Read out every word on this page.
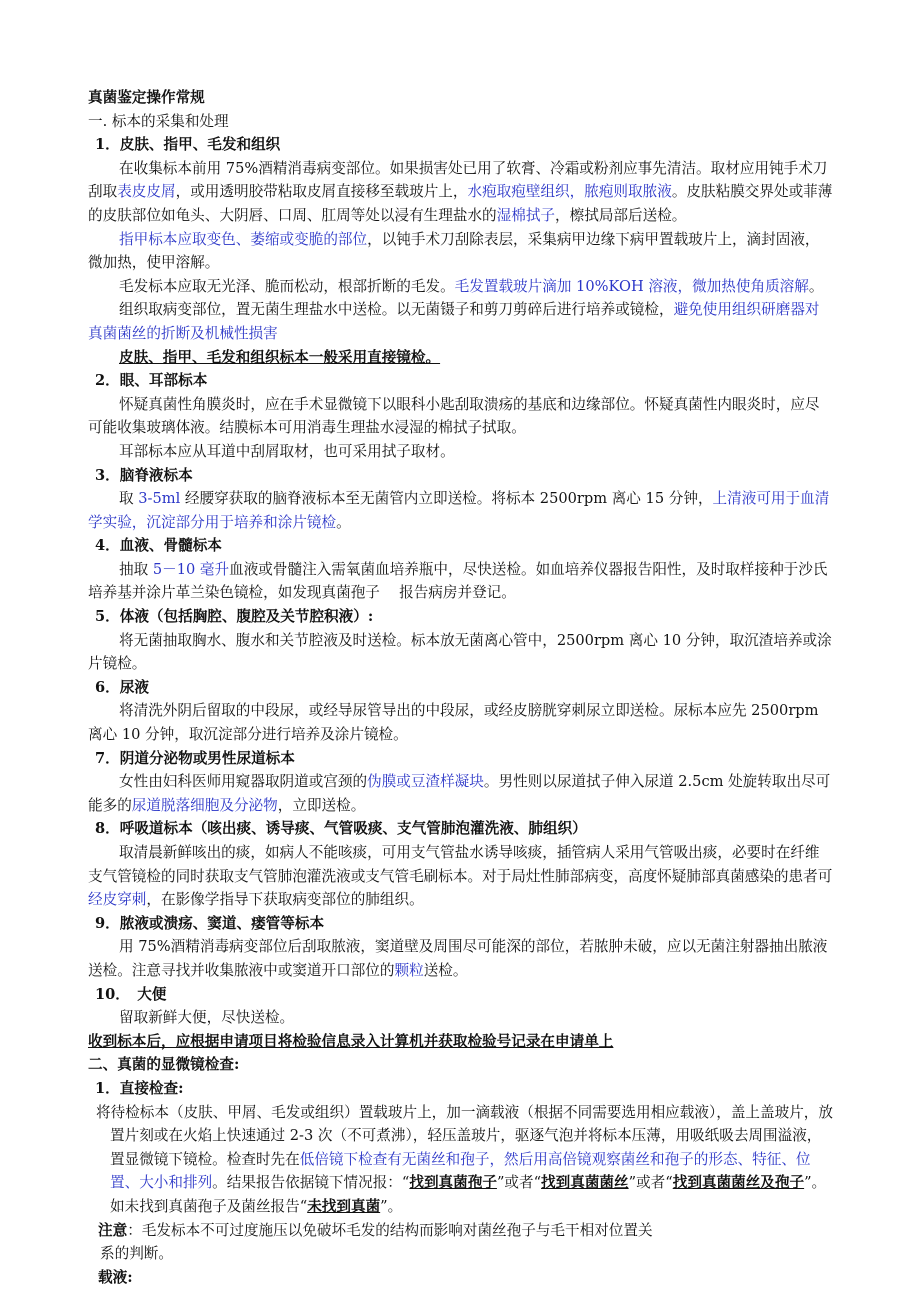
真菌鉴定操作常规

一. 标本的采集和处理

1．皮肤、指甲、毛发和组织

在收集标本前用 75%酒精消毒病变部位。如果损害处已用了软膏、冷霜或粉剂应事先清洁。取材应用钝手术刀刮取表皮皮屑，或用透明胶带粘取皮屑直接移至载玻片上，水疱取疱壁组织，脓疱则取脓液。皮肤粘膜交界处或菲薄的皮肤部位如龟头、大阴唇、口周、肛周等处以浸有生理盐水的湿棉拭子，檫拭局部后送检。

指甲标本应取变色、萎缩或变脆的部位，以钝手术刀刮除表层，采集病甲边缘下病甲置载玻片上，滴封固液，微加热，使甲溶解。

毛发标本应取无光泽、脆而松动，根部折断的毛发。毛发置载玻片滴加 10%KOH 溶液，微加热使角质溶解。

组织取病变部位，置无菌生理盐水中送检。以无菌镊子和剪刀剪碎后进行培养或镜检，避免使用组织研磨器对真菌菌丝的折断及机械性损害

皮肤、指甲、毛发和组织标本一般采用直接镜检。

2．眼、耳部标本

怀疑真菌性角膜炎时，应在手术显微镜下以眼科小匙刮取溃疡的基底和边缘部位。怀疑真菌性内眼炎时，应尽可能收集玻璃体液。结膜标本可用消毒生理盐水浸湿的棉拭子拭取。

耳部标本应从耳道中刮屑取材，也可采用拭子取材。

3．脑脊液标本

取 3-5ml 经腰穿获取的脑脊液标本至无菌管内立即送检。将标本 2500rpm 离心 15 分钟，上清液可用于血清学实验，沉淀部分用于培养和涂片镜检。

4．血液、骨髓标本

抽取 5－10 毫升血液或骨髓注入需氧菌血培养瓶中，尽快送检。如血培养仪器报告阳性，及时取样接种于沙氏培养基并涂片革兰染色镜检，如发现真菌孢子　 报告病房并登记。

5．体液（包括胸腔、腹腔及关节腔积液）:

将无菌抽取胸水、腹水和关节腔液及时送检。标本放无菌离心管中，2500rpm 离心 10 分钟，取沉渣培养或涂片镜检。

6．尿液

将清洗外阴后留取的中段尿，或经导尿管导出的中段尿，或经皮膀胱穿刺尿立即送检。尿标本应先 2500rpm 离心 10 分钟，取沉淀部分进行培养及涂片镜检。

7．阴道分泌物或男性尿道标本

女性由妇科医师用窥器取阴道或宫颈的伪膜或豆渣样凝块。男性则以尿道拭子伸入尿道 2.5cm 处旋转取出尽可能多的尿道脱落细胞及分泌物，立即送检。

8．呼吸道标本（咳出痰、诱导痰、气管吸痰、支气管肺泡灌洗液、肺组织）

取清晨新鲜咳出的痰，如病人不能咳痰，可用支气管盐水诱导咳痰，插管病人采用气管吸出痰，必要时在纤维支气管镜检的同时获取支气管肺泡灌洗液或支气管毛刷标本。对于局灶性肺部病变，高度怀疑肺部真菌感染的患者可经皮穿刺，在影像学指导下获取病变部位的肺组织。

9．脓液或溃疡、窦道、瘘管等标本

用 75%酒精消毒病变部位后刮取脓液，窦道壁及周围尽可能深的部位，若脓肿未破，应以无菌注射器抽出脓液送检。注意寻找并收集脓液中或窦道开口部位的颗粒送检。

10．　大便

留取新鲜大便，尽快送检。

收到标本后，应根据申请项目将检验信息录入计算机并获取检验号记录在申请单上

二、真菌的显微镜检查:

1．直接检查:

将待检标本（皮肤、甲屑、毛发或组织）置载玻片上，加一滴载液（根据不同需要选用相应载液），盖上盖玻片，放置片刻或在火焰上快速通过 2-3 次（不可煮沸），轻压盖玻片，驱逐气泡并将标本压薄，用吸纸吸去周围溢液，置显微镜下镜检。检查时先在低倍镜下检查有无菌丝和孢子，然后用高倍镜观察菌丝和孢子的形态、特征、位置、大小和排列。结果报告依据镜下情况报：“找到真菌孢子”或者“找到真菌菌丝”或者“找到真菌菌丝及孢子”。如未找到真菌孢子及菌丝报告“未找到真菌”。

注意：毛发标本不可过度施压以免破坏毛发的结构而影响对菌丝孢子与毛干相对位置关

系的判断。

载液:
